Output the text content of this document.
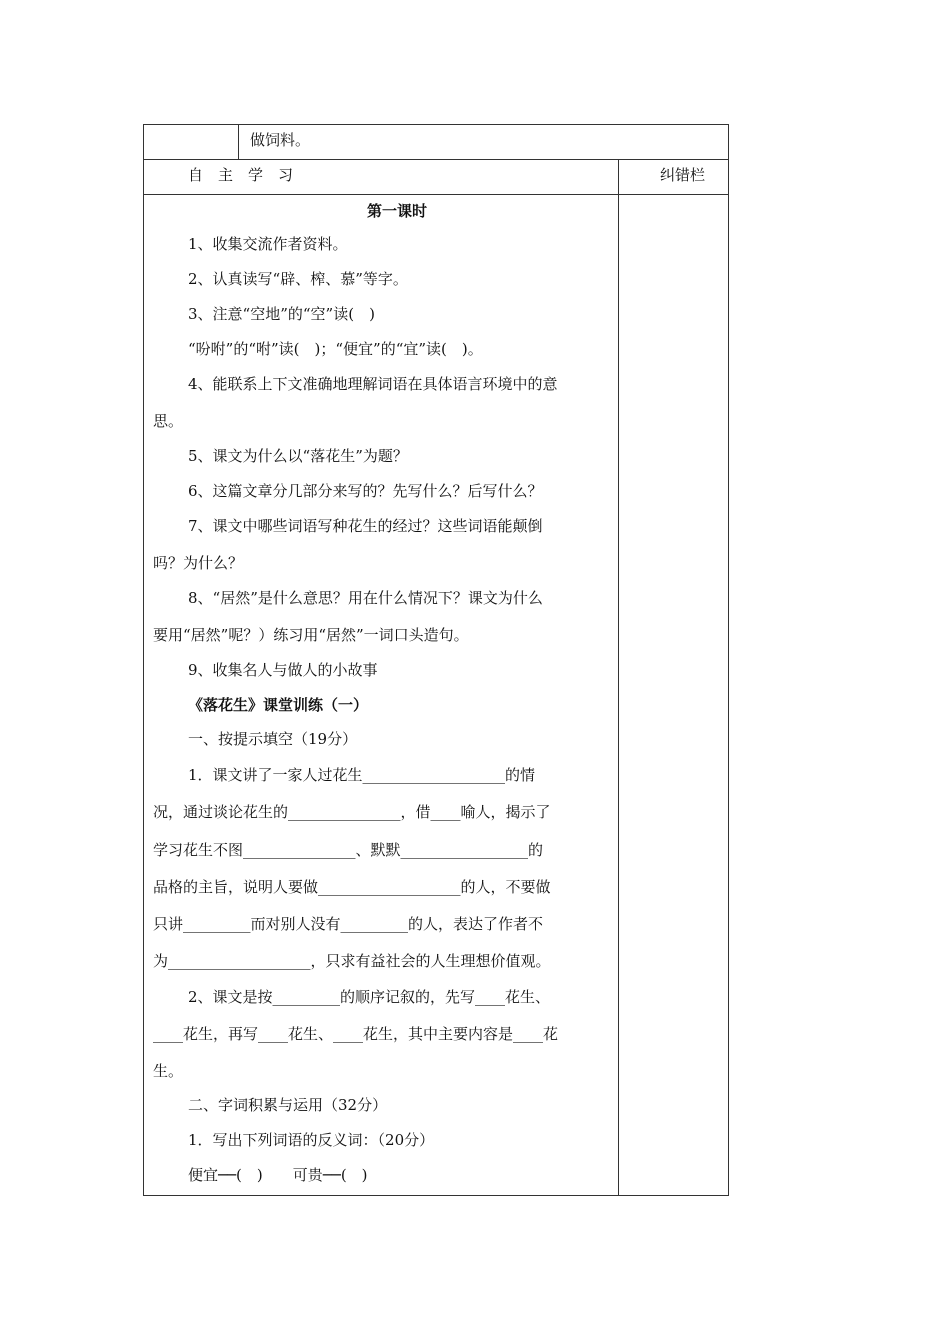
做饲料。
自　主　学　习	纠错栏
第一课时
1、收集交流作者资料。
2、认真读写“辟、榨、慕”等字。
3、注意“空地”的“空”读(　)
“吩咐”的“咐”读(　)；“便宜”的“宜”读(　)。
4、能联系上下文准确地理解词语在具体语言环境中的意
思。
5、课文为什么以“落花生”为题？
6、这篇文章分几部分来写的？先写什么？后写什么？
7、课文中哪些词语写种花生的经过？这些词语能颠倒
吗？为什么？
8、“居然”是什么意思？用在什么情况下？课文为什么
要用“居然”呢？）练习用“居然”一词口头造句。
9、收集名人与做人的小故事
《落花生》课堂训练（一）
一、按提示填空（19分）
1．课文讲了一家人过花生___________________的情
况，通过谈论花生的_______________，借____喻人，揭示了
学习花生不图_______________、默默_________________的
品格的主旨，说明人要做___________________的人，不要做
只讲_________而对别人没有_________的人，表达了作者不
为___________________，只求有益社会的人生理想价值观。
2、课文是按_________的顺序记叙的，先写____花生、
____花生，再写____花生、____花生，其中主要内容是____花
生。
二、字词积累与运用（32分）
1．写出下列词语的反义词：（20分）
便宜──(　)　　可贵──(　)
